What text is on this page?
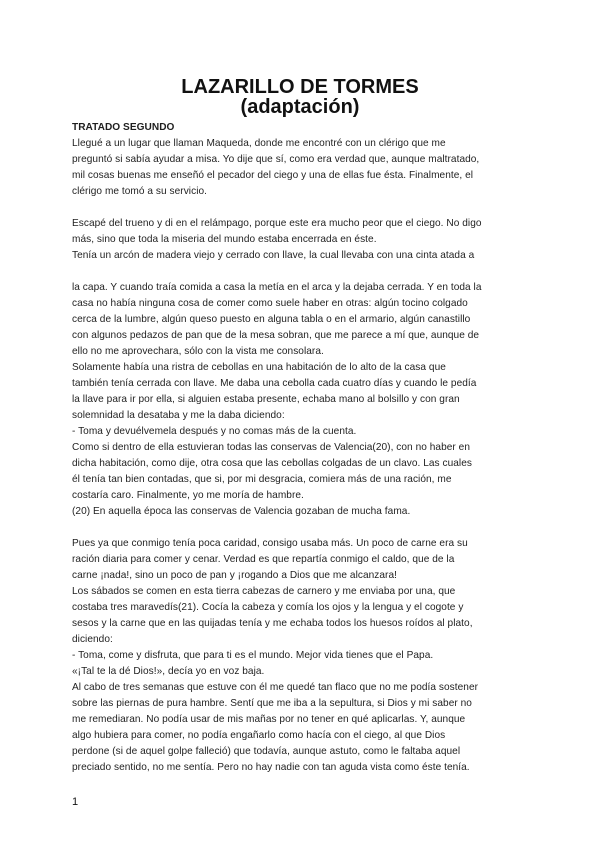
LAZARILLO DE TORMES
(adaptación)
TRATADO SEGUNDO
Llegué a un lugar que llaman Maqueda, donde me encontré con un clérigo que me
preguntó si sabía ayudar a misa. Yo dije que sí, como era verdad que, aunque maltratado,
mil cosas buenas me enseñó el pecador del ciego y una de ellas fue ésta. Finalmente, el
clérigo me tomó a su servicio.
Escapé del trueno y di en el relámpago, porque este era mucho peor que el ciego. No digo
más, sino que toda la miseria del mundo estaba encerrada en éste.
Tenía un arcón de madera viejo y cerrado con llave, la cual llevaba con una cinta atada a
la capa. Y cuando traía comida a casa la metía en el arca y la dejaba cerrada. Y en toda la
casa no había ninguna cosa de comer como suele haber en otras: algún tocino colgado
cerca de la lumbre, algún queso puesto en alguna tabla o en el armario, algún canastillo
con algunos pedazos de pan que de la mesa sobran, que me parece a mí que, aunque de
ello no me aprovechara, sólo con la vista me consolara.
Solamente había una ristra de cebollas en una habitación de lo alto de la casa que
también tenía cerrada con llave. Me daba una cebolla cada cuatro días y cuando le pedía
la llave para ir por ella, si alguien estaba presente, echaba mano al bolsillo y con gran
solemnidad la desataba y me la daba diciendo:
- Toma y devuélvemela después y no comas más de la cuenta.
Como si dentro de ella estuvieran todas las conservas de Valencia(20), con no haber en
dicha habitación, como dije, otra cosa que las cebollas colgadas de un clavo. Las cuales
él tenía tan bien contadas, que si, por mi desgracia, comiera más de una ración, me
costaría caro. Finalmente, yo me moría de hambre.
(20) En aquella época las conservas de Valencia gozaban de mucha fama.
Pues ya que conmigo tenía poca caridad, consigo usaba más. Un poco de carne era su
ración diaria para comer y cenar. Verdad es que repartía conmigo el caldo, que de la
carne ¡nada!, sino un poco de pan y ¡rogando a Dios que me alcanzara!
Los sábados se comen en esta tierra cabezas de carnero y me enviaba por una, que
costaba tres maravedís(21). Cocía la cabeza y comía los ojos y la lengua y el cogote y
sesos y la carne que en las quijadas tenía y me echaba todos los huesos roídos al plato,
diciendo:
- Toma, come y disfruta, que para ti es el mundo. Mejor vida tienes que el Papa.
«¡Tal te la dé Dios!», decía yo en voz baja.
Al cabo de tres semanas que estuve con él me quedé tan flaco que no me podía sostener
sobre las piernas de pura hambre. Sentí que me iba a la sepultura, si Dios y mi saber no
me remediaran. No podía usar de mis mañas por no tener en qué aplicarlas. Y, aunque
algo hubiera para comer, no podía engañarlo como hacía con el ciego, al que Dios
perdone (si de aquel golpe falleció) que todavía, aunque astuto, como le faltaba aquel
preciado sentido, no me sentía. Pero no hay nadie con tan aguda vista como éste tenía.
1
